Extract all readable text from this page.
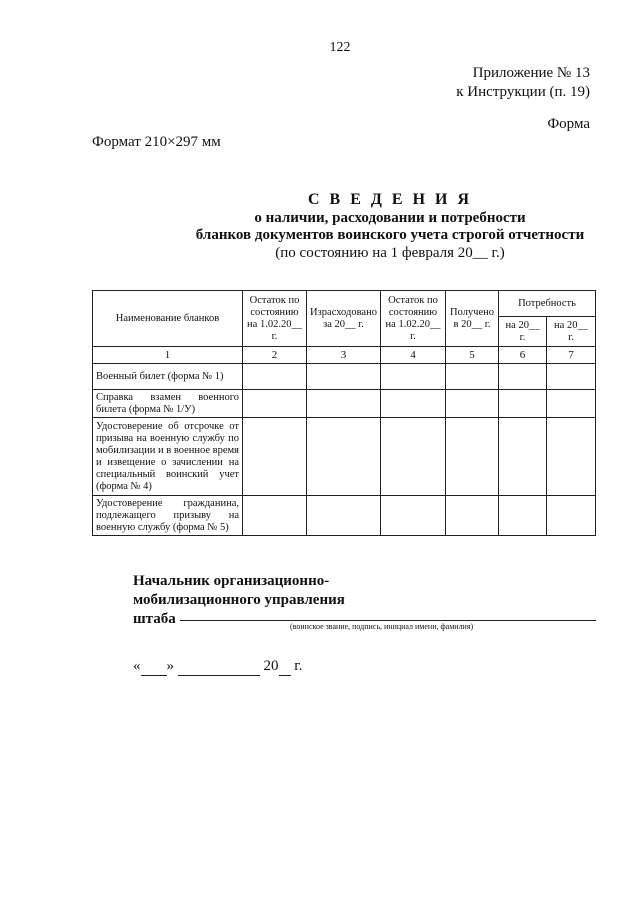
122
Приложение № 13
к Инструкции (п. 19)
Форма
Формат 210×297 мм
С В Е Д Е Н И Я
о наличии, расходовании и потребности
бланков документов воинского учета строгой отчетности
(по состоянию на 1 февраля 20__ г.)
Наименование бланков	Остаток по состоянию на 1.02.20__ г.	Израсходовано за 20__ г.	Остаток по состоянию на 1.02.20__ г.	Получено в 20__ г.	Потребность	
					на 20__ г.	на 20__ г.
1	2	3	4	5	6	7
Военный билет (форма № 1)						
Справка взамен военного билета (форма № 1/У)						
Удостоверение об отсрочке от призыва на военную службу по мобилизации и в военное время и извещение о зачислении на специальный воинский учет (форма № 4)						
Удостоверение гражданина, подлежащего призыву на военную службу (форма № 5)						
Начальник организационно-
мобилизационного управления
штаба	(воинское звание, подпись, инициал имени, фамилия)
« »	20 г.
